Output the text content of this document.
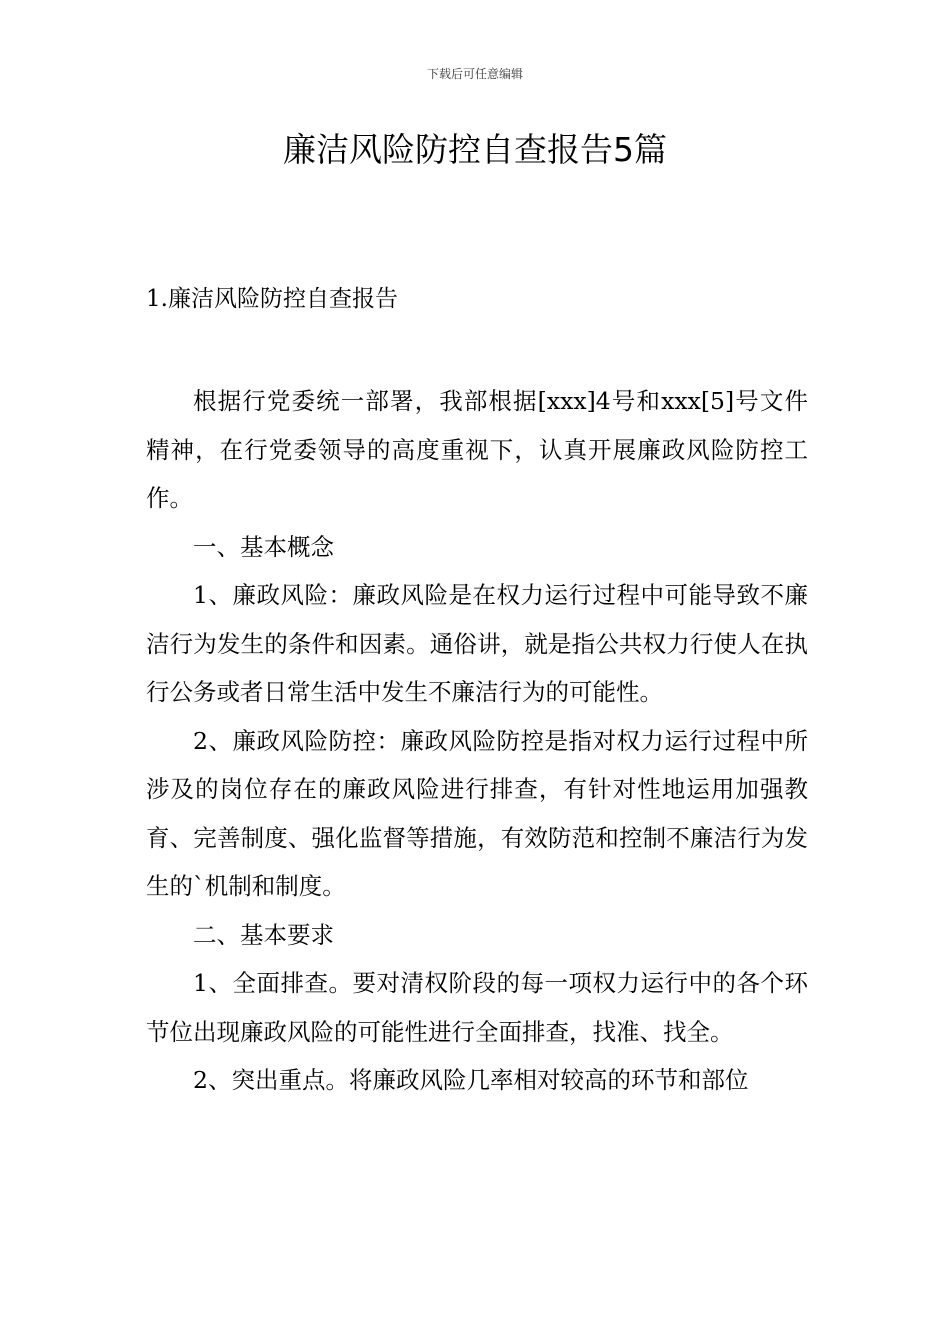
下载后可任意编辑
廉洁风险防控自查报告5篇
1.廉洁风险防控自查报告

根据行党委统一部署，我部根据[xxx]4号和xxx[5]号文件精神，在行党委领导的高度重视下，认真开展廉政风险防控工作。

一、基本概念

1、廉政风险：廉政风险是在权力运行过程中可能导致不廉洁行为发生的条件和因素。通俗讲，就是指公共权力行使人在执行公务或者日常生活中发生不廉洁行为的可能性。

2、廉政风险防控：廉政风险防控是指对权力运行过程中所涉及的岗位存在的廉政风险进行排查，有针对性地运用加强教育、完善制度、强化监督等措施，有效防范和控制不廉洁行为发生的`机制和制度。

二、基本要求

1、全面排查。要对清权阶段的每一项权力运行中的各个环节位出现廉政风险的可能性进行全面排查，找准、找全。

2、突出重点。将廉政风险几率相对较高的环节和部位
